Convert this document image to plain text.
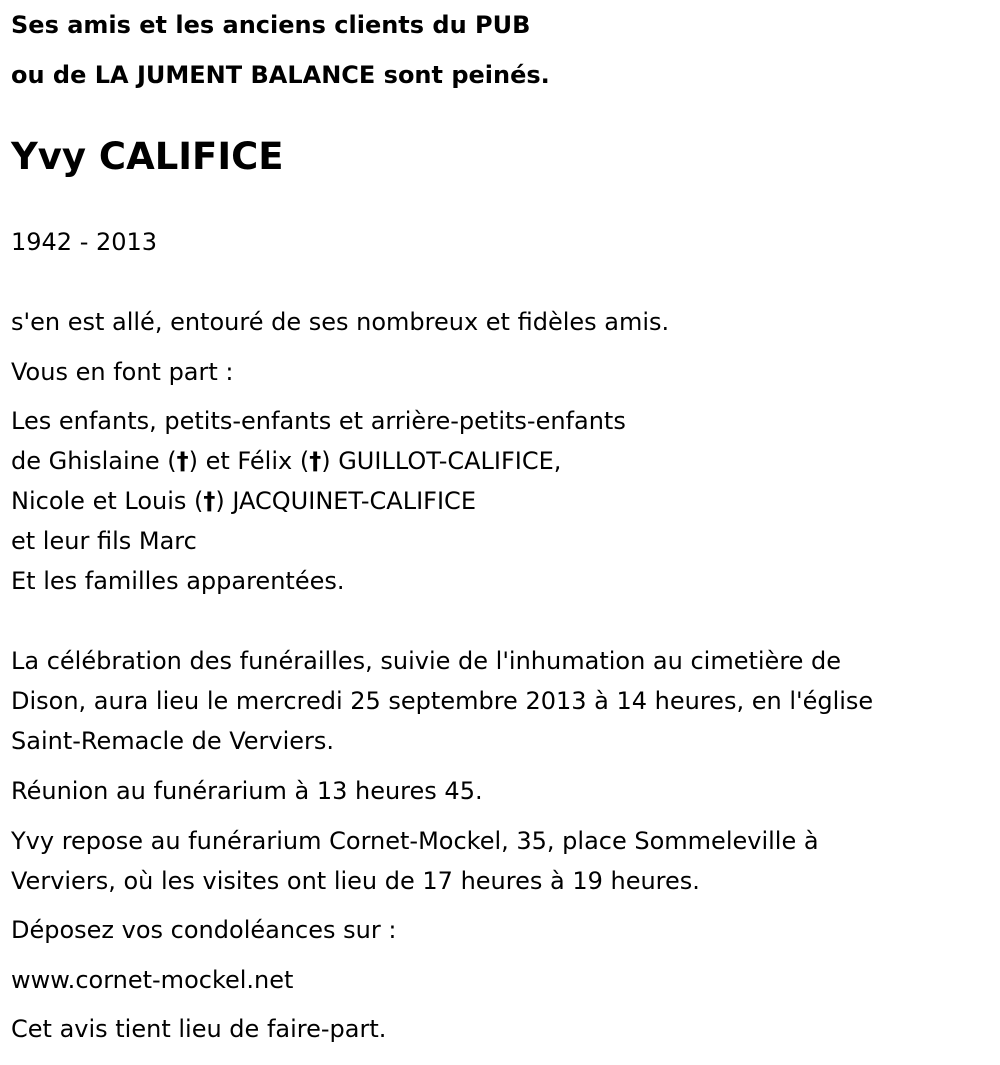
Ses amis et les anciens clients du PUB
ou de LA JUMENT BALANCE sont peinés.
Yvy CALIFICE
1942 - 2013
s'en est allé, entouré de ses nombreux et fidèles amis.
Vous en font part :
Les enfants, petits-enfants et arrière-petits-enfants
de Ghislaine (†) et Félix (†) GUILLOT-CALIFICE,
Nicole et Louis (†) JACQUINET-CALIFICE
et leur fils Marc
Et les familles apparentées.
La célébration des funérailles, suivie de l'inhumation au cimetière de
Dison, aura lieu le mercredi 25 septembre 2013 à 14 heures, en l'église
Saint-Remacle de Verviers.
Réunion au funérarium à 13 heures 45.
Yvy repose au funérarium Cornet-Mockel, 35, place Sommeleville à
Verviers, où les visites ont lieu de 17 heures à 19 heures.
Déposez vos condoléances sur :
www.cornet-mockel.net
Cet avis tient lieu de faire-part.
